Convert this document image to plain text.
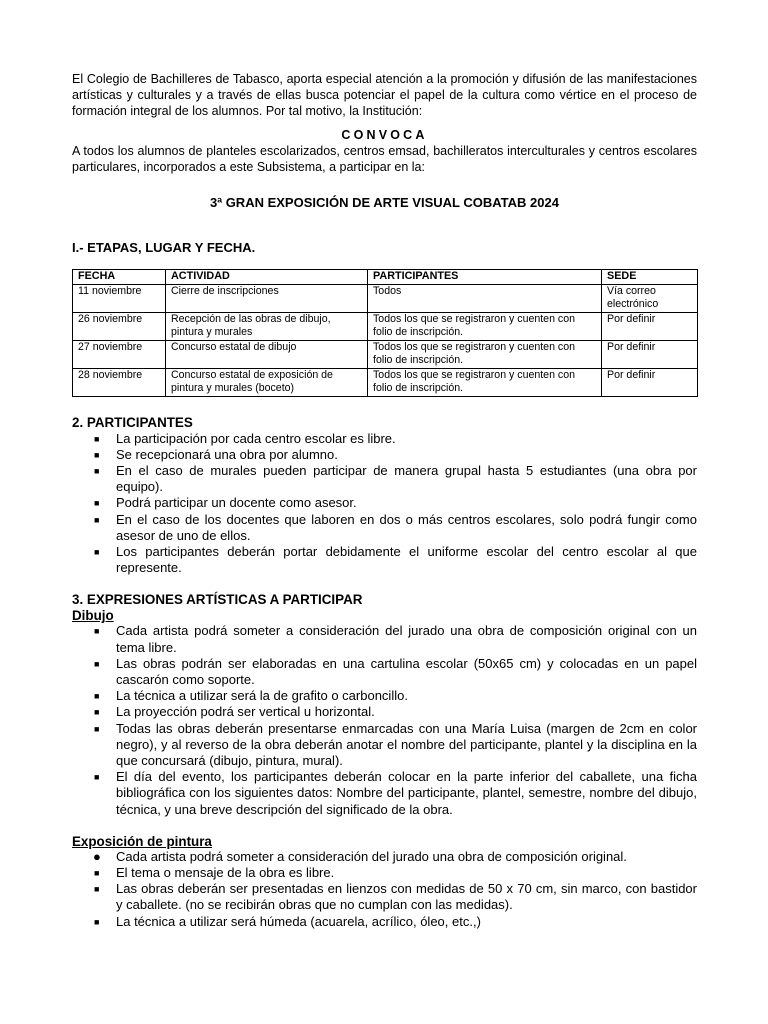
El Colegio de Bachilleres de Tabasco, aporta especial atención a la promoción y difusión de las manifestaciones artísticas y culturales y a través de ellas busca potenciar el papel de la cultura como vértice en el proceso de formación integral de los alumnos. Por tal motivo, la Institución:

CONVOCA

A todos los alumnos de planteles escolarizados, centros emsad, bachilleratos interculturales y centros escolares particulares, incorporados a este Subsistema, a participar en la:

3ª GRAN EXPOSICIÓN DE ARTE VISUAL COBATAB 2024
I.- ETAPAS, LUGAR Y FECHA.
FECHA	ACTIVIDAD	PARTICIPANTES	SEDE
11 noviembre	Cierre de inscripciones	Todos	Vía correo electrónico
26 noviembre	Recepción de las obras de dibujo, pintura y murales	Todos los que se registraron y cuenten con folio de inscripción.	Por definir
27 noviembre	Concurso estatal de dibujo	Todos los que se registraron y cuenten con folio de inscripción.	Por definir
28 noviembre	Concurso estatal de exposición de pintura y murales (boceto)	Todos los que se registraron y cuenten con folio de inscripción.	Por definir
2. PARTICIPANTES
■ La participación por cada centro escolar es libre.
■ Se recepcionará una obra por alumno.
■ En el caso de murales pueden participar de manera grupal hasta 5 estudiantes (una obra por equipo).
■ Podrá participar un docente como asesor.
■ En el caso de los docentes que laboren en dos o más centros escolares, solo podrá fungir como asesor de uno de ellos.
■ Los participantes deberán portar debidamente el uniforme escolar del centro escolar al que represente.
3. EXPRESIONES ARTÍSTICAS A PARTICIPAR
Dibujo
■ Cada artista podrá someter a consideración del jurado una obra de composición original con un tema libre.
■ Las obras podrán ser elaboradas en una cartulina escolar (50x65 cm) y colocadas en un papel cascarón como soporte.
■ La técnica a utilizar será la de grafito o carboncillo.
■ La proyección podrá ser vertical u horizontal.
■ Todas las obras deberán presentarse enmarcadas con una María Luisa (margen de 2cm en color negro), y al reverso de la obra deberán anotar el nombre del participante, plantel y la disciplina en la que concursará (dibujo, pintura, mural).
■ El día del evento, los participantes deberán colocar en la parte inferior del caballete, una ficha bibliográfica con los siguientes datos: Nombre del participante, plantel, semestre, nombre del dibujo, técnica, y una breve descripción del significado de la obra.
Exposición de pintura
● Cada artista podrá someter a consideración del jurado una obra de composición original.
■ El tema o mensaje de la obra es libre.
■ Las obras deberán ser presentadas en lienzos con medidas de 50 x 70 cm, sin marco, con bastidor y caballete. (no se recibirán obras que no cumplan con las medidas).
■ La técnica a utilizar será húmeda (acuarela, acrílico, óleo, etc.,)
